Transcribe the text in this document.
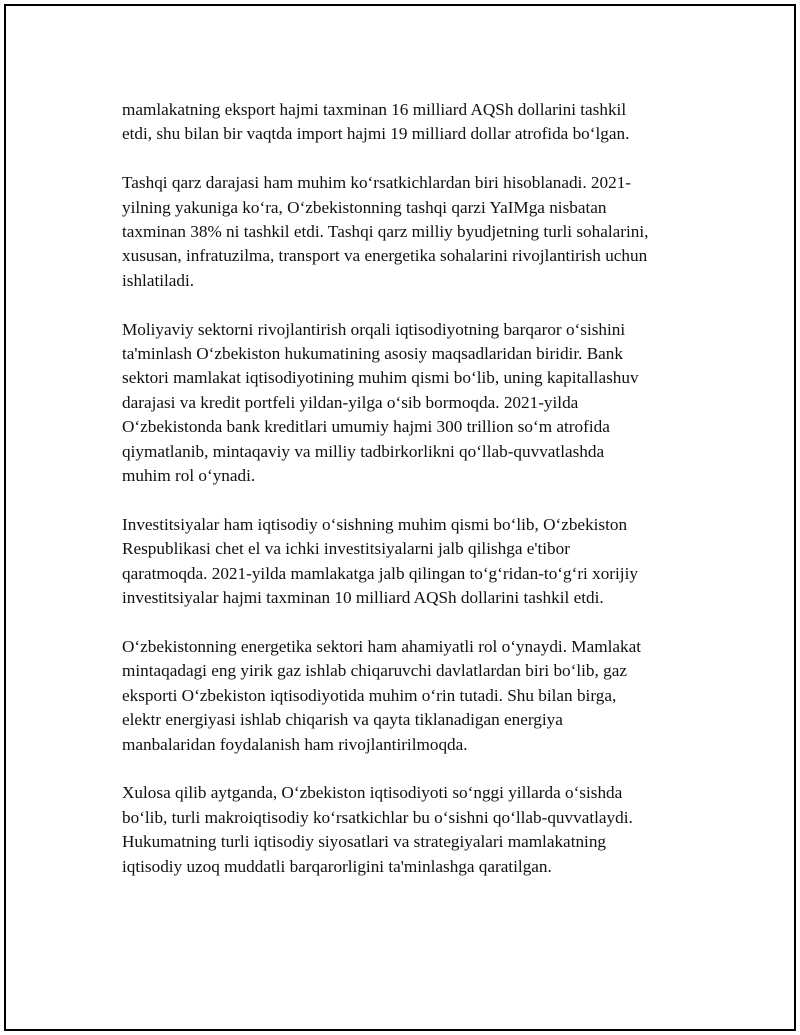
mamlakatning eksport hajmi taxminan 16 milliard AQSh dollarini tashkil
etdi, shu bilan bir vaqtda import hajmi 19 milliard dollar atrofida bo‘lgan.

Tashqi qarz darajasi ham muhim ko‘rsatkichlardan biri hisoblanadi. 2021-
yilning yakuniga ko‘ra, O‘zbekistonning tashqi qarzi YaIMga nisbatan
taxminan 38% ni tashkil etdi. Tashqi qarz milliy byudjetning turli sohalarini,
xususan, infratuzilma, transport va energetika sohalarini rivojlantirish uchun
ishlatiladi.

Moliyaviy sektorni rivojlantirish orqali iqtisodiyotning barqaror o‘sishini
ta'minlash O‘zbekiston hukumatining asosiy maqsadlaridan biridir. Bank
sektori mamlakat iqtisodiyotining muhim qismi bo‘lib, uning kapitallashuv
darajasi va kredit portfeli yildan-yilga o‘sib bormoqda. 2021-yilda
O‘zbekistonda bank kreditlari umumiy hajmi 300 trillion so‘m atrofida
qiymatlanib, mintaqaviy va milliy tadbirkorlikni qo‘llab-quvvatlashda
muhim rol o‘ynadi.

Investitsiyalar ham iqtisodiy o‘sishning muhim qismi bo‘lib, O‘zbekiston
Respublikasi chet el va ichki investitsiyalarni jalb qilishga e'tibor
qaratmoqda. 2021-yilda mamlakatga jalb qilingan to‘g‘ridan-to‘g‘ri xorijiy
investitsiyalar hajmi taxminan 10 milliard AQSh dollarini tashkil etdi.

O‘zbekistonning energetika sektori ham ahamiyatli rol o‘ynaydi. Mamlakat
mintaqadagi eng yirik gaz ishlab chiqaruvchi davlatlardan biri bo‘lib, gaz
eksporti O‘zbekiston iqtisodiyotida muhim o‘rin tutadi. Shu bilan birga,
elektr energiyasi ishlab chiqarish va qayta tiklanadigan energiya
manbalaridan foydalanish ham rivojlantirilmoqda.

Xulosa qilib aytganda, O‘zbekiston iqtisodiyoti so‘nggi yillarda o‘sishda
bo‘lib, turli makroiqtisodiy ko‘rsatkichlar bu o‘sishni qo‘llab-quvvatlaydi.
Hukumatning turli iqtisodiy siyosatlari va strategiyalari mamlakatning
iqtisodiy uzoq muddatli barqarorligini ta'minlashga qaratilgan.
